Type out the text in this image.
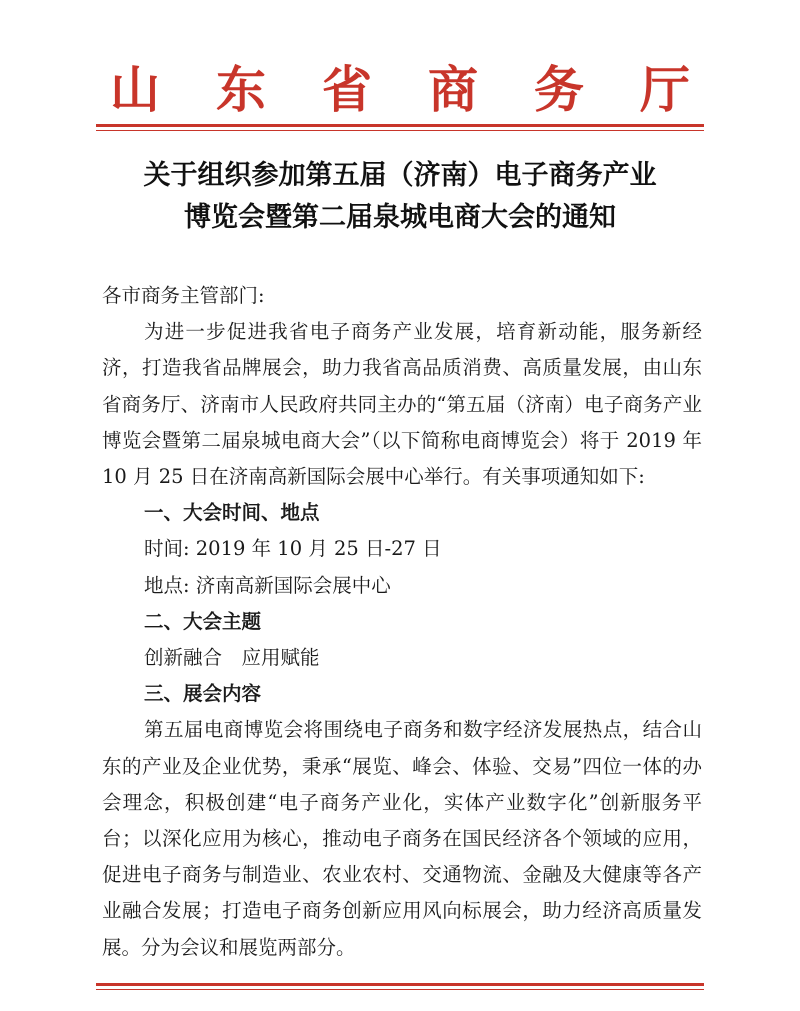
山 东 省 商 务 厅
关于组织参加第五届（济南）电子商务产业
博览会暨第二届泉城电商大会的通知

各市商务主管部门:

为进一步促进我省电子商务产业发展，培育新动能，服务新经济，打造我省品牌展会，助力我省高品质消费、高质量发展，由山东省商务厅、济南市人民政府共同主办的“第五届（济南）电子商务产业博览会暨第二届泉城电商大会”（以下简称电商博览会）将于 2019 年 10 月 25 日在济南高新国际会展中心举行。有关事项通知如下:

一、大会时间、地点

时间: 2019 年 10 月 25 日-27 日

地点: 济南高新国际会展中心

二、大会主题

创新融合　应用赋能

三、展会内容

第五届电商博览会将围绕电子商务和数字经济发展热点，结合山东的产业及企业优势，秉承“展览、峰会、体验、交易”四位一体的办会理念，积极创建“电子商务产业化，实体产业数字化”创新服务平台；以深化应用为核心，推动电子商务在国民经济各个领域的应用，促进电子商务与制造业、农业农村、交通物流、金融及大健康等各产业融合发展；打造电子商务创新应用风向标展会，助力经济高质量发展。分为会议和展览两部分。
